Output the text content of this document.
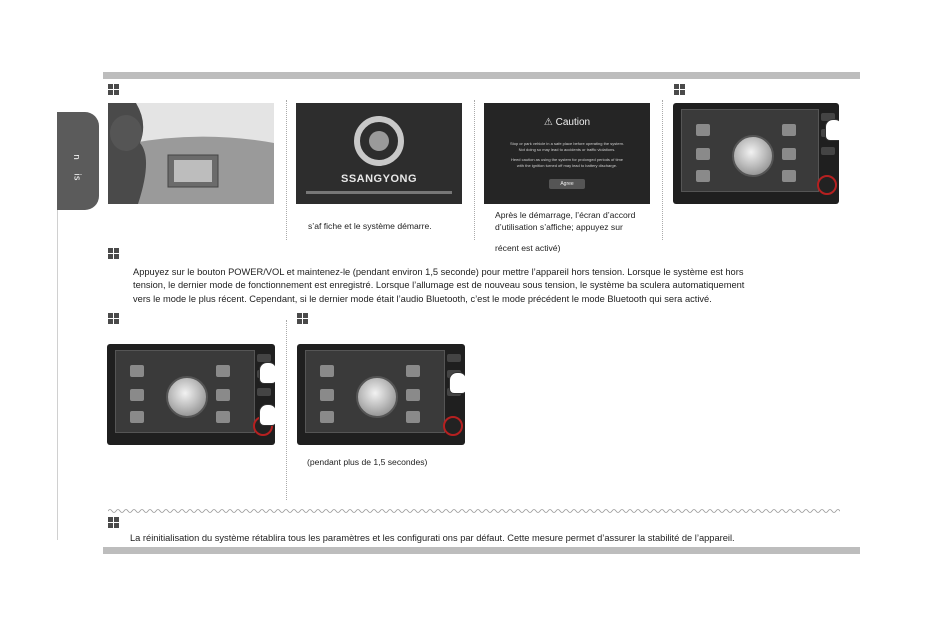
n
is	SSANGYONG
⚠ Caution
Stop or park vehicle in a safe place before operating the system.
Not doing so may lead to accidents or traffic violations.
Heed caution as using the system for prolonged periods of time
with the ignition turned off may lead to battery discharge.
Agree
s’af fiche et le système démarre.
Après le démarrage, l’écran d’accord
d’utilisation s’affiche; appuyez sur
récent est activé)
Appuyez sur le bouton POWER/VOL et maintenez-le (pendant environ 1,5 seconde) pour mettre l’appareil hors tension. Lorsque le système est hors
tension, le dernier mode de fonctionnement est enregistré. Lorsque l’allumage est de nouveau sous tension, le système ba sculera automatiquement
vers le mode le plus récent. Cependant, si le dernier mode était l’audio Bluetooth, c’est le mode précédent le mode Bluetooth qui sera activé.
(pendant plus de 1,5 secondes)
La réinitialisation du système rétablira tous les paramètres et les configurati ons par défaut. Cette mesure permet d’assurer la stabilité de l’appareil.
